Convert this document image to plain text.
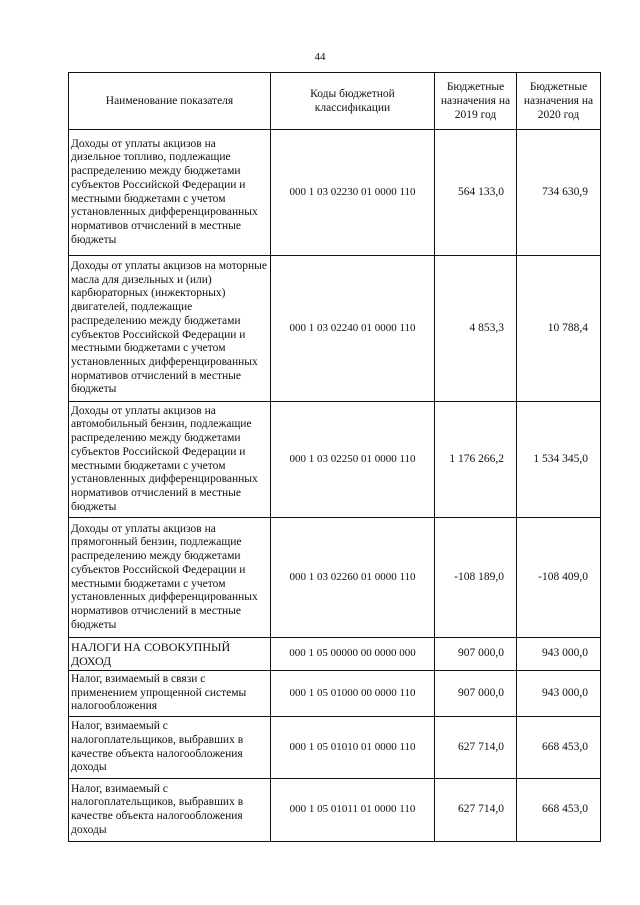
44
Наименование показателя	Коды бюджетной классификации	Бюджетные назначения на 2019 год	Бюджетные назначения на 2020 год
Доходы от уплаты акцизов на дизельное топливо, подлежащие распределению между бюджетами субъектов Российской Федерации и местными бюджетами с учетом установленных дифференцированных нормативов отчислений в местные бюджеты	000 1 03 02230 01 0000 110	564 133,0	734 630,9
Доходы от уплаты акцизов на моторные масла для дизельных и (или) карбюраторных (инжекторных) двигателей, подлежащие распределению между бюджетами субъектов Российской Федерации и местными бюджетами с учетом установленных дифференцированных нормативов отчислений в местные бюджеты	000 1 03 02240 01 0000 110	4 853,3	10 788,4
Доходы от уплаты акцизов на автомобильный бензин, подлежащие распределению между бюджетами субъектов Российской Федерации и местными бюджетами с учетом установленных дифференцированных нормативов отчислений в местные бюджеты	000 1 03 02250 01 0000 110	1 176 266,2	1 534 345,0
Доходы от уплаты акцизов на прямогонный бензин, подлежащие распределению между бюджетами субъектов Российской Федерации и местными бюджетами с учетом установленных дифференцированных нормативов отчислений в местные бюджеты	000 1 03 02260 01 0000 110	-108 189,0	-108 409,0
НАЛОГИ НА СОВОКУПНЫЙ ДОХОД	000 1 05 00000 00 0000 000	907 000,0	943 000,0
Налог, взимаемый в связи с применением упрощенной системы налогообложения	000 1 05 01000 00 0000 110	907 000,0	943 000,0
Налог, взимаемый с налогоплательщиков, выбравших в качестве объекта налогообложения доходы	000 1 05 01010 01 0000 110	627 714,0	668 453,0
Налог, взимаемый с налогоплательщиков, выбравших в качестве объекта налогообложения доходы	000 1 05 01011 01 0000 110	627 714,0	668 453,0
